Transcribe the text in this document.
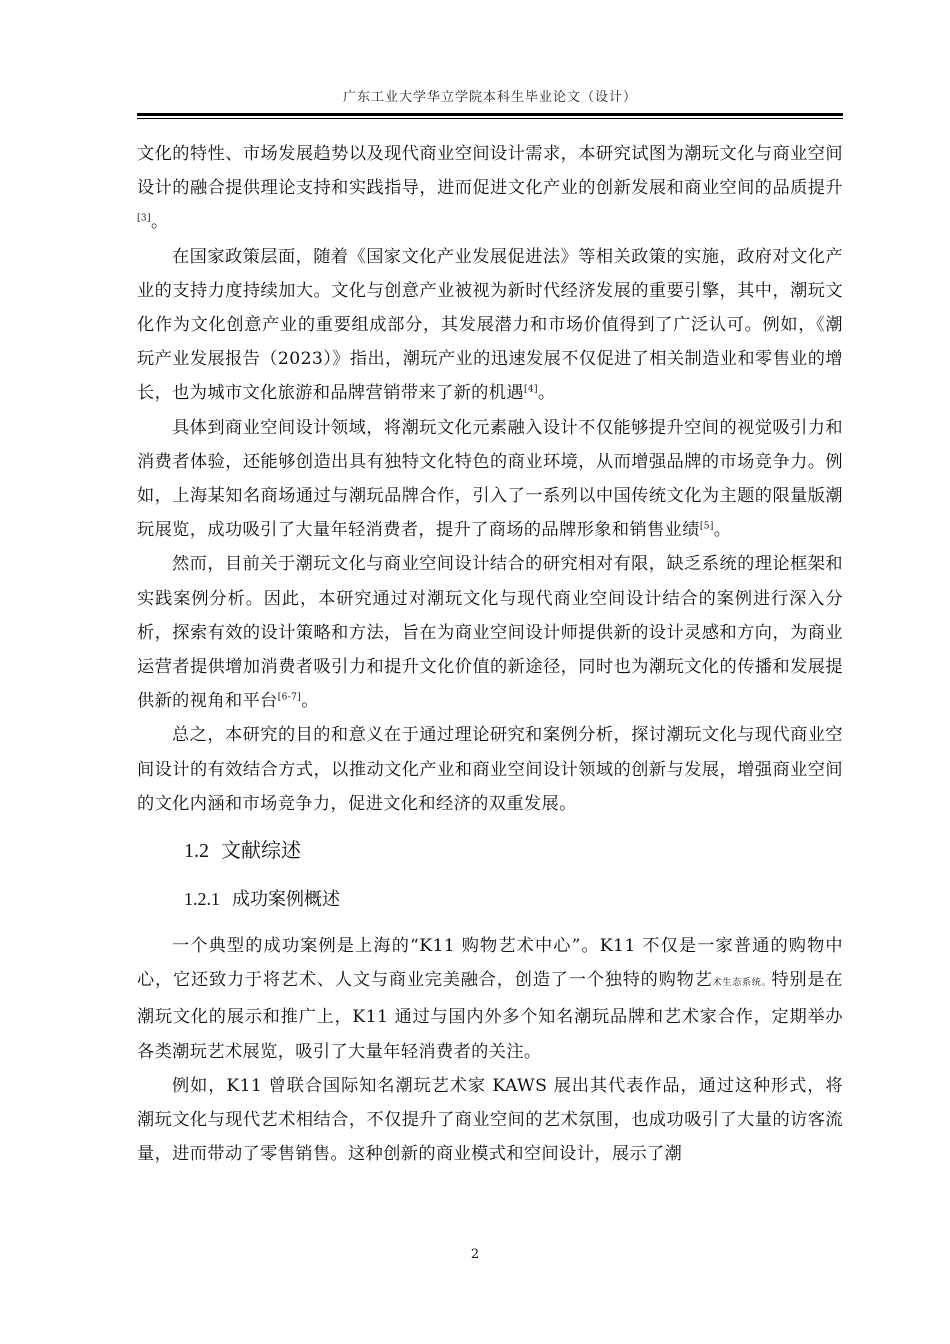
广东工业大学华立学院本科生毕业论文（设计）

文化的特性、市场发展趋势以及现代商业空间设计需求，本研究试图为潮玩文化与商业空间设计的融合提供理论支持和实践指导，进而促进文化产业的创新发展和商业空间的品质提升[3]。

在国家政策层面，随着《国家文化产业发展促进法》等相关政策的实施，政府对文化产业的支持力度持续加大。文化与创意产业被视为新时代经济发展的重要引擎，其中，潮玩文化作为文化创意产业的重要组成部分，其发展潜力和市场价值得到了广泛认可。例如，《潮玩产业发展报告（2023）》指出，潮玩产业的迅速发展不仅促进了相关制造业和零售业的增长，也为城市文化旅游和品牌营销带来了新的机遇[4]。

具体到商业空间设计领域，将潮玩文化元素融入设计不仅能够提升空间的视觉吸引力和消费者体验，还能够创造出具有独特文化特色的商业环境，从而增强品牌的市场竞争力。例如，上海某知名商场通过与潮玩品牌合作，引入了一系列以中国传统文化为主题的限量版潮玩展览，成功吸引了大量年轻消费者，提升了商场的品牌形象和销售业绩[5]。

然而，目前关于潮玩文化与商业空间设计结合的研究相对有限，缺乏系统的理论框架和实践案例分析。因此，本研究通过对潮玩文化与现代商业空间设计结合的案例进行深入分析，探索有效的设计策略和方法，旨在为商业空间设计师提供新的设计灵感和方向，为商业运营者提供增加消费者吸引力和提升文化价值的新途径，同时也为潮玩文化的传播和发展提供新的视角和平台[6-7]。

总之，本研究的目的和意义在于通过理论研究和案例分析，探讨潮玩文化与现代商业空间设计的有效结合方式，以推动文化产业和商业空间设计领域的创新与发展，增强商业空间的文化内涵和市场竞争力，促进文化和经济的双重发展。

1.2 文献综述
1.2.1 成功案例概述

一个典型的成功案例是上海的“K11 购物艺术中心”。K11 不仅是一家普通的购物中心，它还致力于将艺术、人文与商业完美融合，创造了一个独特的购物艺术生态系统。特别是在潮玩文化的展示和推广上，K11 通过与国内外多个知名潮玩品牌和艺术家合作，定期举办各类潮玩艺术展览，吸引了大量年轻消费者的关注。

例如，K11 曾联合国际知名潮玩艺术家 KAWS 展出其代表作品，通过这种形式，将潮玩文化与现代艺术相结合，不仅提升了商业空间的艺术氛围，也成功吸引了大量的访客流量，进而带动了零售销售。这种创新的商业模式和空间设计，展示了潮

2
